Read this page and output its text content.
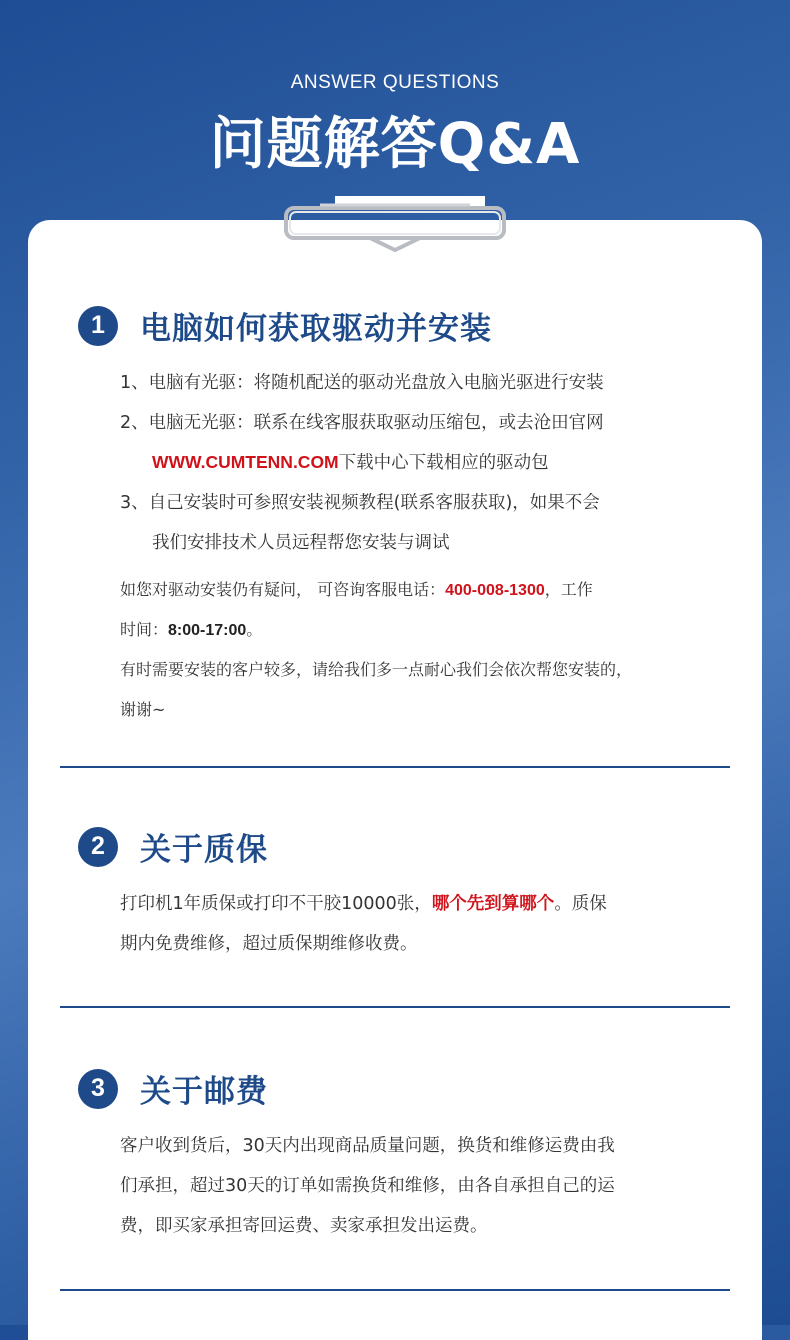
ANSWER QUESTIONS
问题解答Q&A
1	电脑如何获取驱动并安装
1、电脑有光驱：将随机配送的驱动光盘放入电脑光驱进行安装
2、电脑无光驱：联系在线客服获取驱动压缩包，或去沧田官网
WWW.CUMTENN.COM下载中心下载相应的驱动包
3、自己安装时可参照安装视频教程(联系客服获取)，如果不会
我们安排技术人员远程帮您安装与调试
如您对驱动安装仍有疑问， 可咨询客服电话：400-008-1300，工作
时间：8:00-17:00。
有时需要安装的客户较多，请给我们多一点耐心我们会依次帮您安装的，
谢谢~
2	关于质保
打印机1年质保或打印不干胶10000张，哪个先到算哪个。质保
期内免费维修，超过质保期维修收费。
3	关于邮费
客户收到货后，30天内出现商品质量问题，换货和维修运费由我
们承担，超过30天的订单如需换货和维修，由各自承担自己的运
费，即买家承担寄回运费、卖家承担发出运费。
